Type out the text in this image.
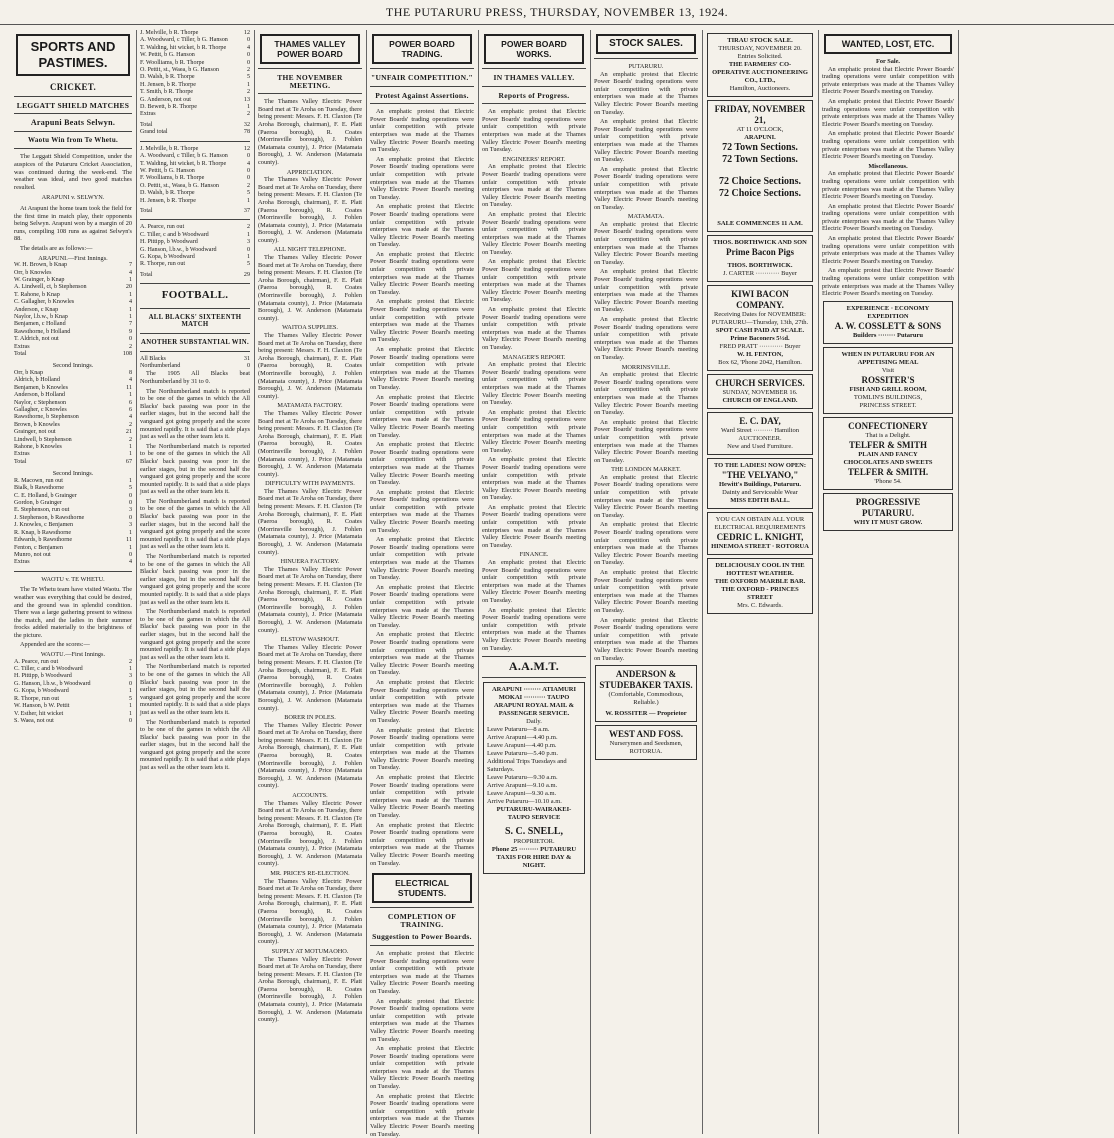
THE PUTARURU PRESS, THURSDAY, NOVEMBER 13, 1924.
SPORTS AND PASTIMES.
CRICKET.
LEGGATT SHIELD MATCHES
Arapuni Beats Selwyn.
Waotu Win from Te Whetu.

The Leggatt Shield Competition, under the auspices of the Putaruru Cricket Association, was continued during the week-end. The weather was ideal, and two good matches resulted.

ARAPUNI v. SELWYN.

At Arapuni the home team took the field for the first time in match play, their opponents being Selwyn. Arapuni won by a margin of 20 runs, compiling 108 runs as against Selwyn's 88.

The details are as follows:—

ARAPUNI.—First Innings.
W. H. Brown, b Knap	7
Orr, b Knowles	4
W. Grainger, b Knap	1
A. Lindwell, ct, b Stephenson	20
T. Rahone, b Knap	1
C. Gallagher, b Knowles	4
Anderson, c Knap	1
Naylor, l.b.w., b Knap	1
Benjamen, c Holland	7
Rawsthorne, b Holland	9
T. Aldrich, not out	0
Extras	2
Total	108
Second Innings.
Orr, b Knap	8
Aldrich, b Holland	4
Benjamen, b Knowles	11
Anderson, b Holland	1
Naylor, c Stephenson	6
Gallagher, c Knowles	6
Rawsthorne, b Stephenson	4
Brown, b Knowles	2
Grainger, not out	21
Lindwell, b Stephenson	2
Rahone, b Knowles	1
Extras	1
Total	67
Second Innings.
R. Macown, run out	1
Bialk, b Rawsthorne	5
C. E. Holland, b Grainger	0
Gordon, b Grainger	0
E. Stephenson, run out	3
J. Stephenson, b Rawsthorne	0
J. Knowles, c Benjamen	3
R. Knap, b Rawsthorne	1
Edwards, b Rawsthorne	11
Fenton, c Benjamen	1
Munro, not out	0
Extras	4
WAOTU v. TE WHETU.

The Te Whetu team have visited Waotu. The weather was everything that could be desired, and the ground was in splendid condition. There was a large gathering present to witness the match, and the ladies in their summer frocks added materially to the brightness of the picture.

Appended are the scores:—

WAOTU.—First Innings.
A. Pearce, run out	2
C. Tiller, c and b Woodward	1
H. Pittipp, b Woodward	3
G. Hanson, l.b.w., b Woodward	0
G. Kopa, b Woodward	1
R. Thorpe, run out	5
W. Hanson, b W. Pettit	1
V. Esther, hit wicket	1
S. Waea, not out	0
J. Melville, b R. Thorpe	12
A. Woodward, c Tiller, b G. Hanson	0
T. Walding, hit wicket, b R. Thorpe	4
W. Pettit, b G. Hanson	0
F. Woolliams, b R. Thorpe	0
O. Pettit, st., Waea, b G. Hanson	2
D. Walsh, b R. Thorpe	5
H. Jensen, b R. Thorpe	1
T. Smith, b R. Thorpe	2
G. Anderson, not out	13
D. Bewett, b R. Thorpe	1
Extras	2
Total	32
Grand total	78
J. Melville, b R. Thorpe	12
A. Woodward, c Tiller, b G. Hanson	0
T. Walding, hit wicket, b R. Thorpe	4
W. Pettit, b G. Hanson	0
F. Woolliams, b R. Thorpe	0
O. Pettit, st., Waea, b G. Hanson	2
D. Walsh, b R. Thorpe	5
H. Jensen, b R. Thorpe	1
Total	37
A. Pearce, run out	2
C. Tiller, c and b Woodward	1
H. Pittipp, b Woodward	3
G. Hanson, l.b.w., b Woodward	0
G. Kopa, b Woodward	1
R. Thorpe, run out	5
Total	29
FOOTBALL.
ALL BLACKS' SIXTEENTH MATCH
ANOTHER SUBSTANTIAL WIN.
All Blacks	31
Northumberland	0

The 1905 All Blacks beat Northumberland by 31 to 0.

The Northumberland match is reported to be one of the games in which the All Blacks' back passing was poor in the earlier stages, but in the second half the vanguard got going properly and the score mounted rapidly. It is said that a side plays just as well as the other team lets it.

The Northumberland match is reported to be one of the games in which the All Blacks' back passing was poor in the earlier stages, but in the second half the vanguard got going properly and the score mounted rapidly. It is said that a side plays just as well as the other team lets it.

The Northumberland match is reported to be one of the games in which the All Blacks' back passing was poor in the earlier stages, but in the second half the vanguard got going properly and the score mounted rapidly. It is said that a side plays just as well as the other team lets it.

The Northumberland match is reported to be one of the games in which the All Blacks' back passing was poor in the earlier stages, but in the second half the vanguard got going properly and the score mounted rapidly. It is said that a side plays just as well as the other team lets it.

The Northumberland match is reported to be one of the games in which the All Blacks' back passing was poor in the earlier stages, but in the second half the vanguard got going properly and the score mounted rapidly. It is said that a side plays just as well as the other team lets it.

The Northumberland match is reported to be one of the games in which the All Blacks' back passing was poor in the earlier stages, but in the second half the vanguard got going properly and the score mounted rapidly. It is said that a side plays just as well as the other team lets it.

The Northumberland match is reported to be one of the games in which the All Blacks' back passing was poor in the earlier stages, but in the second half the vanguard got going properly and the score mounted rapidly. It is said that a side plays just as well as the other team lets it.

THAMES VALLEY POWER BOARD
THE NOVEMBER MEETING.

The Thames Valley Electric Power Board met at Te Aroha on Tuesday, there being present: Messrs. F. H. Claxton (Te Aroha Borough, chairman), F. E. Platt (Paeroa borough), R. Coates (Morrinsville borough), J. Fohlen (Matamata county), J. Price (Matamata Borough), J. W. Anderson (Matamata county).

APPRECIATION.

The Thames Valley Electric Power Board met at Te Aroha on Tuesday, there being present: Messrs. F. H. Claxton (Te Aroha Borough, chairman), F. E. Platt (Paeroa borough), R. Coates (Morrinsville borough), J. Fohlen (Matamata county), J. Price (Matamata Borough), J. W. Anderson (Matamata county).

ALL NIGHT TELEPHONE.

The Thames Valley Electric Power Board met at Te Aroha on Tuesday, there being present: Messrs. F. H. Claxton (Te Aroha Borough, chairman), F. E. Platt (Paeroa borough), R. Coates (Morrinsville borough), J. Fohlen (Matamata county), J. Price (Matamata Borough), J. W. Anderson (Matamata county).

WAITOA SUPPLIES.

The Thames Valley Electric Power Board met at Te Aroha on Tuesday, there being present: Messrs. F. H. Claxton (Te Aroha Borough, chairman), F. E. Platt (Paeroa borough), R. Coates (Morrinsville borough), J. Fohlen (Matamata county), J. Price (Matamata Borough), J. W. Anderson (Matamata county).

MATAMATA FACTORY.

The Thames Valley Electric Power Board met at Te Aroha on Tuesday, there being present: Messrs. F. H. Claxton (Te Aroha Borough, chairman), F. E. Platt (Paeroa borough), R. Coates (Morrinsville borough), J. Fohlen (Matamata county), J. Price (Matamata Borough), J. W. Anderson (Matamata county).

DIFFICULTY WITH PAYMENTS.

The Thames Valley Electric Power Board met at Te Aroha on Tuesday, there being present: Messrs. F. H. Claxton (Te Aroha Borough, chairman), F. E. Platt (Paeroa borough), R. Coates (Morrinsville borough), J. Fohlen (Matamata county), J. Price (Matamata Borough), J. W. Anderson (Matamata county).

HINUERA FACTORY.

The Thames Valley Electric Power Board met at Te Aroha on Tuesday, there being present: Messrs. F. H. Claxton (Te Aroha Borough, chairman), F. E. Platt (Paeroa borough), R. Coates (Morrinsville borough), J. Fohlen (Matamata county), J. Price (Matamata Borough), J. W. Anderson (Matamata county).

ELSTOW WASHOUT.

The Thames Valley Electric Power Board met at Te Aroha on Tuesday, there being present: Messrs. F. H. Claxton (Te Aroha Borough, chairman), F. E. Platt (Paeroa borough), R. Coates (Morrinsville borough), J. Fohlen (Matamata county), J. Price (Matamata Borough), J. W. Anderson (Matamata county).

BORER IN POLES.

The Thames Valley Electric Power Board met at Te Aroha on Tuesday, there being present: Messrs. F. H. Claxton (Te Aroha Borough, chairman), F. E. Platt (Paeroa borough), R. Coates (Morrinsville borough), J. Fohlen (Matamata county), J. Price (Matamata Borough), J. W. Anderson (Matamata county).

ACCOUNTS.

The Thames Valley Electric Power Board met at Te Aroha on Tuesday, there being present: Messrs. F. H. Claxton (Te Aroha Borough, chairman), F. E. Platt (Paeroa borough), R. Coates (Morrinsville borough), J. Fohlen (Matamata county), J. Price (Matamata Borough), J. W. Anderson (Matamata county).

MR. PRICE'S RE-ELECTION.

The Thames Valley Electric Power Board met at Te Aroha on Tuesday, there being present: Messrs. F. H. Claxton (Te Aroha Borough, chairman), F. E. Platt (Paeroa borough), R. Coates (Morrinsville borough), J. Fohlen (Matamata county), J. Price (Matamata Borough), J. W. Anderson (Matamata county).

SUPPLY AT MOTUMAOHO.

The Thames Valley Electric Power Board met at Te Aroha on Tuesday, there being present: Messrs. F. H. Claxton (Te Aroha Borough, chairman), F. E. Platt (Paeroa borough), R. Coates (Morrinsville borough), J. Fohlen (Matamata county), J. Price (Matamata Borough), J. W. Anderson (Matamata county).

POWER BOARD TRADING.
"UNFAIR COMPETITION."
Protest Against Assertions.

An emphatic protest that Electric Power Boards' trading operations were unfair competition with private enterprises was made at the Thames Valley Electric Power Board's meeting on Tuesday.

An emphatic protest that Electric Power Boards' trading operations were unfair competition with private enterprises was made at the Thames Valley Electric Power Board's meeting on Tuesday.

An emphatic protest that Electric Power Boards' trading operations were unfair competition with private enterprises was made at the Thames Valley Electric Power Board's meeting on Tuesday.

An emphatic protest that Electric Power Boards' trading operations were unfair competition with private enterprises was made at the Thames Valley Electric Power Board's meeting on Tuesday.

An emphatic protest that Electric Power Boards' trading operations were unfair competition with private enterprises was made at the Thames Valley Electric Power Board's meeting on Tuesday.

An emphatic protest that Electric Power Boards' trading operations were unfair competition with private enterprises was made at the Thames Valley Electric Power Board's meeting on Tuesday.

An emphatic protest that Electric Power Boards' trading operations were unfair competition with private enterprises was made at the Thames Valley Electric Power Board's meeting on Tuesday.

An emphatic protest that Electric Power Boards' trading operations were unfair competition with private enterprises was made at the Thames Valley Electric Power Board's meeting on Tuesday.

An emphatic protest that Electric Power Boards' trading operations were unfair competition with private enterprises was made at the Thames Valley Electric Power Board's meeting on Tuesday.

An emphatic protest that Electric Power Boards' trading operations were unfair competition with private enterprises was made at the Thames Valley Electric Power Board's meeting on Tuesday.

An emphatic protest that Electric Power Boards' trading operations were unfair competition with private enterprises was made at the Thames Valley Electric Power Board's meeting on Tuesday.

An emphatic protest that Electric Power Boards' trading operations were unfair competition with private enterprises was made at the Thames Valley Electric Power Board's meeting on Tuesday.

An emphatic protest that Electric Power Boards' trading operations were unfair competition with private enterprises was made at the Thames Valley Electric Power Board's meeting on Tuesday.

An emphatic protest that Electric Power Boards' trading operations were unfair competition with private enterprises was made at the Thames Valley Electric Power Board's meeting on Tuesday.

An emphatic protest that Electric Power Boards' trading operations were unfair competition with private enterprises was made at the Thames Valley Electric Power Board's meeting on Tuesday.

An emphatic protest that Electric Power Boards' trading operations were unfair competition with private enterprises was made at the Thames Valley Electric Power Board's meeting on Tuesday.

ELECTRICAL STUDENTS.
COMPLETION OF TRAINING.
Suggestion to Power Boards.

An emphatic protest that Electric Power Boards' trading operations were unfair competition with private enterprises was made at the Thames Valley Electric Power Board's meeting on Tuesday.

An emphatic protest that Electric Power Boards' trading operations were unfair competition with private enterprises was made at the Thames Valley Electric Power Board's meeting on Tuesday.

An emphatic protest that Electric Power Boards' trading operations were unfair competition with private enterprises was made at the Thames Valley Electric Power Board's meeting on Tuesday.

An emphatic protest that Electric Power Boards' trading operations were unfair competition with private enterprises was made at the Thames Valley Electric Power Board's meeting on Tuesday.

POWER BOARD WORKS.
IN THAMES VALLEY.
Reports of Progress.

An emphatic protest that Electric Power Boards' trading operations were unfair competition with private enterprises was made at the Thames Valley Electric Power Board's meeting on Tuesday.

ENGINEERS' REPORT.

An emphatic protest that Electric Power Boards' trading operations were unfair competition with private enterprises was made at the Thames Valley Electric Power Board's meeting on Tuesday.

An emphatic protest that Electric Power Boards' trading operations were unfair competition with private enterprises was made at the Thames Valley Electric Power Board's meeting on Tuesday.

An emphatic protest that Electric Power Boards' trading operations were unfair competition with private enterprises was made at the Thames Valley Electric Power Board's meeting on Tuesday.

An emphatic protest that Electric Power Boards' trading operations were unfair competition with private enterprises was made at the Thames Valley Electric Power Board's meeting on Tuesday.

MANAGER'S REPORT.

An emphatic protest that Electric Power Boards' trading operations were unfair competition with private enterprises was made at the Thames Valley Electric Power Board's meeting on Tuesday.

An emphatic protest that Electric Power Boards' trading operations were unfair competition with private enterprises was made at the Thames Valley Electric Power Board's meeting on Tuesday.

An emphatic protest that Electric Power Boards' trading operations were unfair competition with private enterprises was made at the Thames Valley Electric Power Board's meeting on Tuesday.

An emphatic protest that Electric Power Boards' trading operations were unfair competition with private enterprises was made at the Thames Valley Electric Power Board's meeting on Tuesday.

FINANCE.

An emphatic protest that Electric Power Boards' trading operations were unfair competition with private enterprises was made at the Thames Valley Electric Power Board's meeting on Tuesday.

An emphatic protest that Electric Power Boards' trading operations were unfair competition with private enterprises was made at the Thames Valley Electric Power Board's meeting on Tuesday.

A.A.M.T.
ARAPUNI ········ ATIAMURI
MOKAI ·········· TAUPO
ARAPUNI ROYAL MAIL & PASSENGER SERVICE.
Daily.
Leave Putaruru—8 a.m.
Arrive Arapuni—4.40 p.m.
Leave Arapuni—4.40 p.m.
Leave Putaruru—5.40 p.m.
Additional Trips Tuesdays and Saturdays.
Leave Putaruru—9.30 a.m.
Arrive Arapuni—9.10 a.m.
Leave Arapuni—9.30 a.m.
Arrive Putaruru—10.10 a.m.
PUTARURU-WAIRAKEI-TAUPO SERVICE
S. C. SNELL,
PROPRIETOR.
Phone 25 ········· PUTARURU
TAXIS FOR HIRE DAY & NIGHT.
STOCK SALES.
PUTARURU.

An emphatic protest that Electric Power Boards' trading operations were unfair competition with private enterprises was made at the Thames Valley Electric Power Board's meeting on Tuesday.

An emphatic protest that Electric Power Boards' trading operations were unfair competition with private enterprises was made at the Thames Valley Electric Power Board's meeting on Tuesday.

An emphatic protest that Electric Power Boards' trading operations were unfair competition with private enterprises was made at the Thames Valley Electric Power Board's meeting on Tuesday.

MATAMATA.

An emphatic protest that Electric Power Boards' trading operations were unfair competition with private enterprises was made at the Thames Valley Electric Power Board's meeting on Tuesday.

An emphatic protest that Electric Power Boards' trading operations were unfair competition with private enterprises was made at the Thames Valley Electric Power Board's meeting on Tuesday.

An emphatic protest that Electric Power Boards' trading operations were unfair competition with private enterprises was made at the Thames Valley Electric Power Board's meeting on Tuesday.

MORRINSVILLE.

An emphatic protest that Electric Power Boards' trading operations were unfair competition with private enterprises was made at the Thames Valley Electric Power Board's meeting on Tuesday.

An emphatic protest that Electric Power Boards' trading operations were unfair competition with private enterprises was made at the Thames Valley Electric Power Board's meeting on Tuesday.

THE LONDON MARKET.

An emphatic protest that Electric Power Boards' trading operations were unfair competition with private enterprises was made at the Thames Valley Electric Power Board's meeting on Tuesday.

An emphatic protest that Electric Power Boards' trading operations were unfair competition with private enterprises was made at the Thames Valley Electric Power Board's meeting on Tuesday.

An emphatic protest that Electric Power Boards' trading operations were unfair competition with private enterprises was made at the Thames Valley Electric Power Board's meeting on Tuesday.

An emphatic protest that Electric Power Boards' trading operations were unfair competition with private enterprises was made at the Thames Valley Electric Power Board's meeting on Tuesday.

ANDERSON & STUDEBAKER TAXIS.
(Comfortable, Commodious, Reliable.)
W. ROSSITER — Proprietor
WEST AND FOSS.
Nurserymen and Seedsmen, ROTORUA.
TIRAU STOCK SALE.
THURSDAY, NOVEMBER 20.
Entries Solicited.
THE FARMERS' CO-OPERATIVE AUCTIONEERING CO., LTD.,
Hamilton, Auctioneers.
FRIDAY, NOVEMBER 21,
AT 11 O'CLOCK,
ARAPUNI.
72 Town Sections.
72 Town Sections.
72 Choice Sections.
72 Choice Sections.
SALE COMMENCES 11 A.M.
THOS. BORTHWICK AND SON
Prime Bacon Pigs
THOS. BORTHWICK.
J. CARTER ··········· Buyer
KIWI BACON COMPANY.
Receiving Dates for NOVEMBER:
PUTARURU—Thursday, 13th, 27th.
SPOT CASH PAID AT SCALE.
Prime Baconers 5½d.
FRED PRATT ··········· Buyer
W. H. FENTON,
Box 62, 'Phone 2042, Hamilton.
CHURCH SERVICES.
SUNDAY, NOVEMBER 16.
CHURCH OF ENGLAND.
E. C. DAY,
Ward Street ········· Hamilton
AUCTIONEER.
New and Used Furniture.
TO THE LADIES! NOW OPEN:
"THE VELYANO,"
Hewitt's Buildings, Putaruru.
Dainty and Serviceable Wear
MISS EDITH BALL.
YOU CAN OBTAIN ALL YOUR ELECTRICAL REQUIREMENTS
CEDRIC L. KNIGHT,
HINEMOA STREET · ROTORUA
DELICIOUSLY COOL IN THE HOTTEST WEATHER.
THE OXFORD MARBLE BAR.
THE OXFORD - PRINCES STREET
Mrs. C. Edwards.
WANTED, LOST, ETC.
For Sale.

An emphatic protest that Electric Power Boards' trading operations were unfair competition with private enterprises was made at the Thames Valley Electric Power Board's meeting on Tuesday.

An emphatic protest that Electric Power Boards' trading operations were unfair competition with private enterprises was made at the Thames Valley Electric Power Board's meeting on Tuesday.

An emphatic protest that Electric Power Boards' trading operations were unfair competition with private enterprises was made at the Thames Valley Electric Power Board's meeting on Tuesday.

Miscellaneous.

An emphatic protest that Electric Power Boards' trading operations were unfair competition with private enterprises was made at the Thames Valley Electric Power Board's meeting on Tuesday.

An emphatic protest that Electric Power Boards' trading operations were unfair competition with private enterprises was made at the Thames Valley Electric Power Board's meeting on Tuesday.

An emphatic protest that Electric Power Boards' trading operations were unfair competition with private enterprises was made at the Thames Valley Electric Power Board's meeting on Tuesday.

An emphatic protest that Electric Power Boards' trading operations were unfair competition with private enterprises was made at the Thames Valley Electric Power Board's meeting on Tuesday.

EXPERIENCE · ECONOMY
EXPEDITION
A. W. COSSLETT & SONS
Builders ········ Putaruru
WHEN IN PUTARURU FOR AN APPETISING MEAL
Visit
ROSSITER'S
FISH AND GRILL ROOM,
TOMLIN'S BUILDINGS,
PRINCESS STREET.
CONFECTIONERY
That is a Delight.
TELFER & SMITH
PLAIN AND FANCY
CHOCOLATES AND SWEETS
TELFER & SMITH.
'Phone 54.
PROGRESSIVE
PUTARURU.
WHY IT MUST GROW.
